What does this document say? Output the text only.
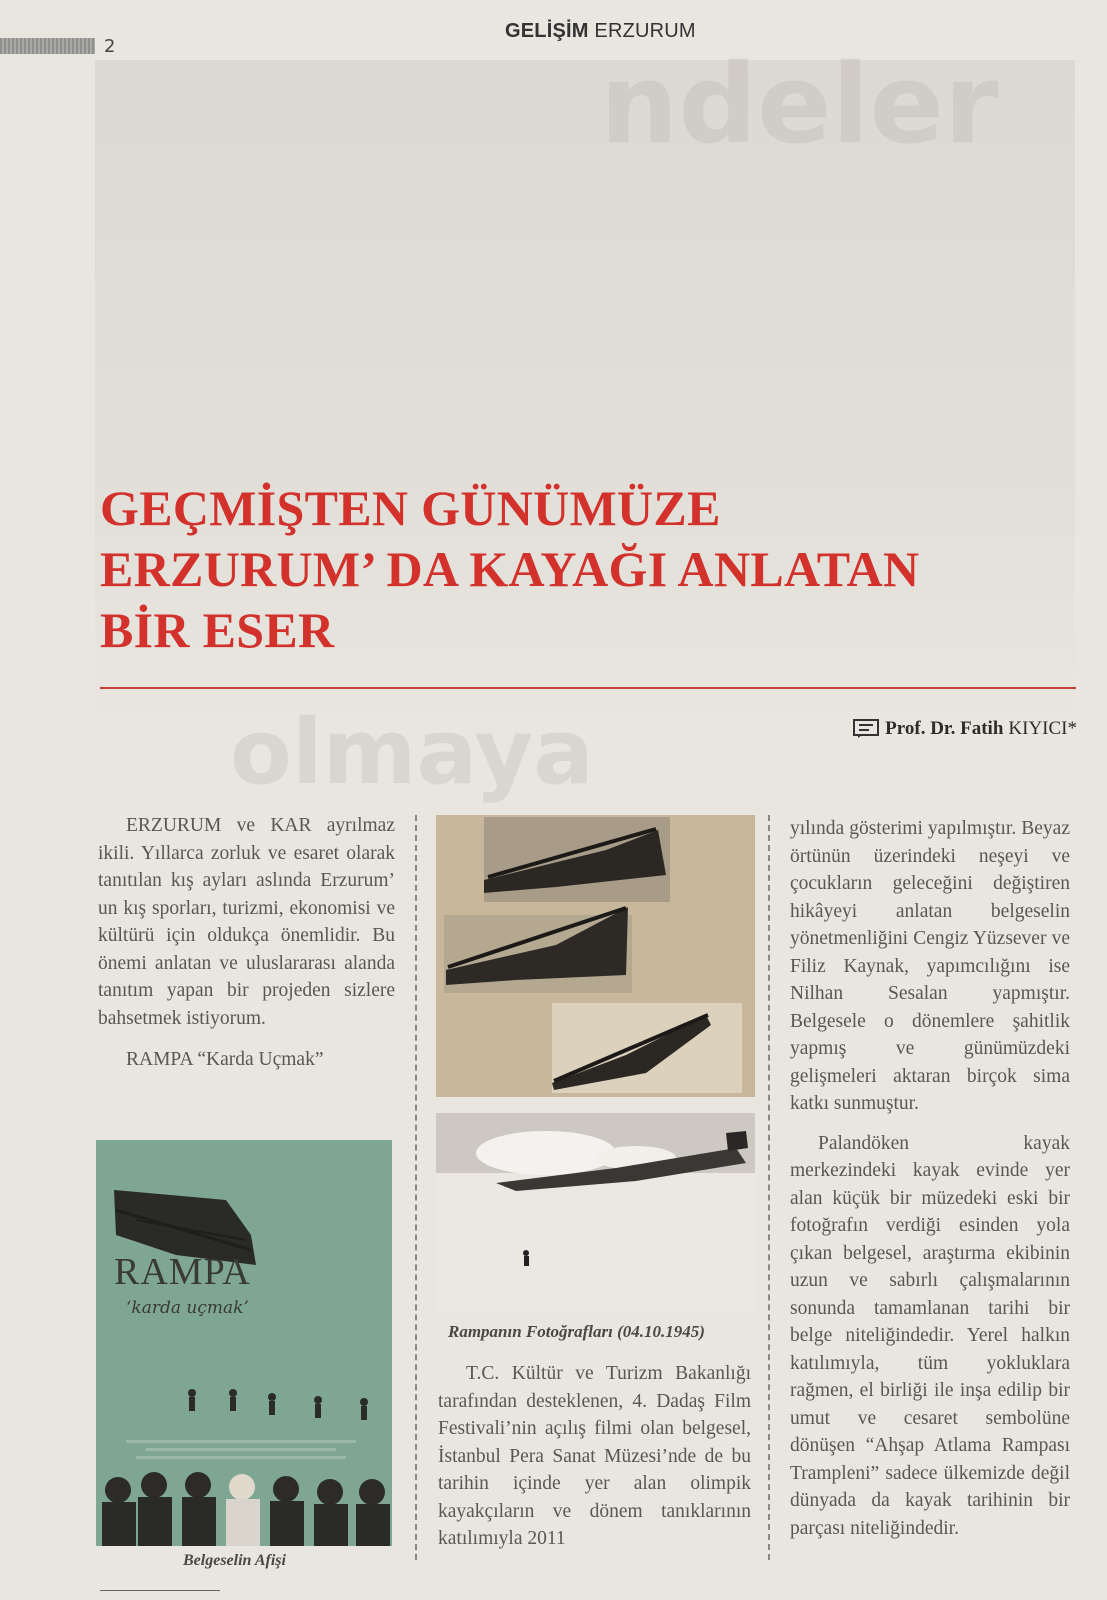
ndeler
olmaya
2
GELİŞİM ERZURUM
GEÇMİŞTEN GÜNÜMÜZE
ERZURUM’ DA KAYAĞI ANLATAN
BİR ESER
Prof. Dr. Fatih KIYICI*

ERZURUM ve KAR ayrılmaz ikili. Yıllarca zorluk ve esaret olarak tanıtılan kış ayları aslında Erzurum’ un kış sporları, turizmi, ekonomisi ve kültürü için oldukça önemlidir. Bu önemi anlatan ve uluslararası alanda tanıtım yapan bir projeden sizlere bahsetmek istiyorum.

RAMPA “Karda Uçmak”

RAMPA
‘karda uçmak’
Belgeselin Afişi
Rampanın Fotoğrafları (04.10.1945)

T.C. Kültür ve Turizm Bakanlığı tarafından desteklenen, 4. Dadaş Film Festivali’nin açılış filmi olan belgesel, İstanbul Pera Sanat Müzesi’nde de bu tarihin içinde yer alan olimpik kayakçıların ve dönem tanıklarının katılımıyla 2011

yılında gösterimi yapılmıştır. Beyaz örtünün üzerindeki neşeyi ve çocukların geleceğini değiştiren hikâyeyi anlatan belgeselin yönetmenliğini Cengiz Yüzsever ve Filiz Kaynak, yapımcılığını ise Nilhan Sesalan yapmıştır. Belgesele o dönemlere şahitlik yapmış ve günümüzdeki gelişmeleri aktaran birçok sima katkı sunmuştur.

Palandöken kayak merkezindeki kayak evinde yer alan küçük bir müzedeki eski bir fotoğrafın verdiği esinden yola çıkan belgesel, araştırma ekibinin uzun ve sabırlı çalışmalarının sonunda tamamlanan tarihi bir belge niteliğindedir. Yerel halkın katılımıyla, tüm yokluklara rağmen, el birliği ile inşa edilip bir umut ve cesaret sembolüne dönüşen “Ahşap Atlama Rampası Tramplenі” sadece ülkemizde değil dünyada da kayak tarihinin bir parçası niteliğindedir.
